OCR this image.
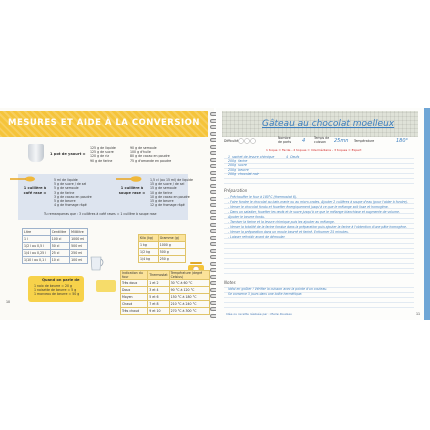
MESURES ET AIDE À LA CONVERSION
1 pot de yaourt =
125 g de liquide
125 g de sucre
120 g de riz
90 g de farine
90 g de semoule
100 g d'huile
80 g de cacao en poudre
75 g d'amande en poudre
1 cuillère à café rase =
5 ml de liquide
5 g de sucre / de sel
5 g de semoule
3 g de farine
3 g de cacao en poudre
5 g de beurre
4 g de fromage râpé
1 cuillère à soupe rase =
1,5 cl (ou 15 ml) de liquide
15 g de sucre / de sel
15 g de semoule
10 g de farine
10 g de cacao en poudre
15 g de beurre
12 g de fromage râpé
Tu remarqueras que : 3 cuillères à café rases = 1 cuillère à soupe rase
Litre	Centilitre	Millilitre
1 l	100 cl	1000 ml
1/2 l ou 0,5 l	50 cl	500 ml
1/4 l ou 0,25 l	25 cl	250 ml
1/10 l ou 0,1 l	10 cl	100 ml
Kilo (kg)	Gramme (g)
1 kg	1000 g
1/2 kg	500 g
1/4 kg	250 g
Quand on parle de
1 noix de beurre = 20 g
1 noisette de beurre = 5 g
1 morceau de beurre = 50 g
Indication du four	Thermostat	Température (degré Celsius)
Très doux	1 et 2	30 °C à 60 °C
Doux	3 et 4	90 °C à 120 °C
Moyen	5 et 6	150 °C à 180 °C
Chaud	7 et 8	210 °C à 240 °C
Très chaud	9 et 10	270 °C à 300 °C
10
Gâteau au chocolat moelleux
Difficulté
Nombre de parts 4	Temps de cuisson	25mn Température	180°
1 toque = Facile - 2 toques = Intermédiaire - 3 toques = Expert
1 sachet de levure chimique
200g farine
200g sucre
250g beurre
200g chocolat noir
4 Oeufs
Préparation
- Préchauffer le four à 180°C (thermostat 6).
- Faire fondre le chocolat au bain-marie ou au micro-ondes. Ajouter 2 cuillères à soupe d'eau (pour l'aider à fondre).
- Verser le chocolat fondu et fouetter énergiquement jusqu'à ce que le mélange soit lisse et homogène.
- Dans un saladier, fouetter les œufs et le sucre jusqu'à ce que le mélange blanchisse et augmente de volume. Ajouter le beurre fondu.
- Tamiser la farine et la levure chimique puis les ajouter au mélange.
- Verser la totalité de la farine fondue dans la préparation puis ajouter la farine à l'obtention d'une pâte homogène.
- Verser la préparation dans un moule beurré et fariné. Enfourner 25 minutes.
- Laisser refroidir avant de démouler.
Notes
Idéal en goûter ! Vérifier la cuisson avec la pointe d'un couteau.
Se conserve 3 jours dans une boîte hermétique.
Idée ou recette réalisée par : Marie Rouleau	11
